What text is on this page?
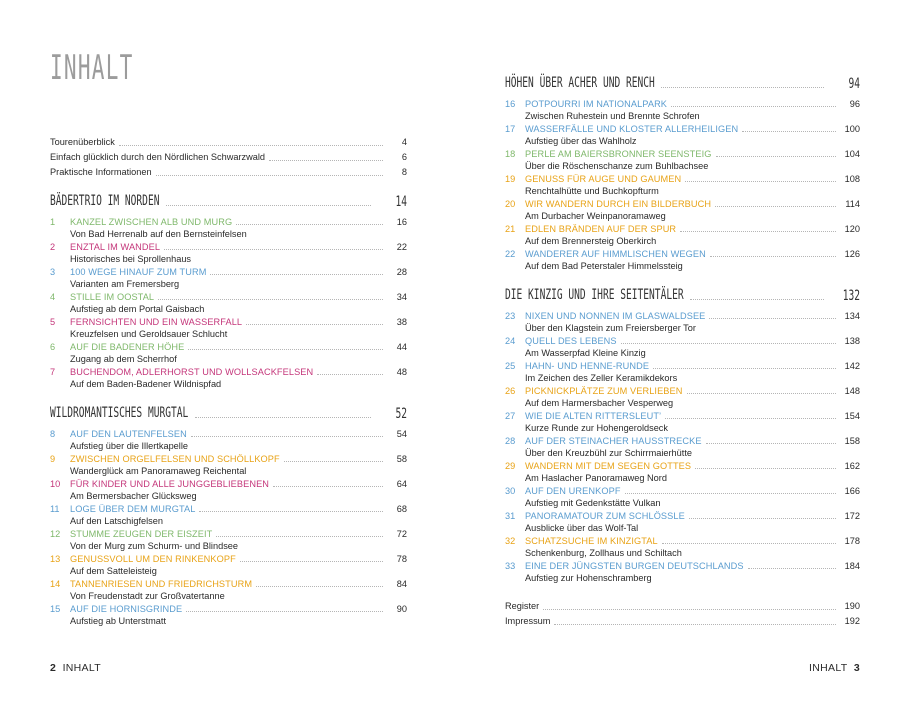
INHALT
Tourenüberblick	4
Einfach glücklich durch den Nördlichen Schwarzwald	6
Praktische Informationen	8
BÄDERTRIO IM NORDEN	14
1	KANZEL ZWISCHEN ALB UND MURG	16
Von Bad Herrenalb auf den Bernsteinfelsen
2	ENZTAL IM WANDEL	22
Historisches bei Sprollenhaus
3	100 WEGE HINAUF ZUM TURM	28
Varianten am Fremersberg
4	STILLE IM OOSTAL	34
Aufstieg ab dem Portal Gaisbach
5	FERNSICHTEN UND EIN WASSERFALL	38
Kreuzfelsen und Geroldsauer Schlucht
6	AUF DIE BADENER HÖHE	44
Zugang ab dem Scherrhof
7	BUCHENDOM, ADLERHORST UND WOLLSACKFELSEN	48
Auf dem Baden-Badener Wildnispfad
WILDROMANTISCHES MURGTAL	52
8	AUF DEN LAUTENFELSEN	54
Aufstieg über die Illertkapelle
9	ZWISCHEN ORGELFELSEN UND SCHÖLLKOPF	58
Wanderglück am Panoramaweg Reichental
10	FÜR KINDER UND ALLE JUNGGEBLIEBENEN	64
Am Bermersbacher Glücksweg
11	LOGE ÜBER DEM MURGTAL	68
Auf den Latschigfelsen
12	STUMME ZEUGEN DER EISZEIT	72
Von der Murg zum Schurm- und Blindsee
13	GENUSSVOLL UM DEN RINKENKOPF	78
Auf dem Satteleisteig
14	TANNENRIESEN UND FRIEDRICHSTURM	84
Von Freudenstadt zur Großvatertanne
15	AUF DIE HORNISGRINDE	90
Aufstieg ab Unterstmatt
2 INHALT
HÖHEN ÜBER ACHER UND RENCH	94
16	POTPOURRI IM NATIONALPARK	96
Zwischen Ruhestein und Brennte Schrofen
17	WASSERFÄLLE UND KLOSTER ALLERHEILIGEN	100
Aufstieg über das Wahlholz
18	PERLE AM BAIERSBRONNER SEENSTEIG	104
Über die Röschenschanze zum Buhlbachsee
19	GENUSS FÜR AUGE UND GAUMEN	108
Renchtalhütte und Buchkopfturm
20	WIR WANDERN DURCH EIN BILDERBUCH	114
Am Durbacher Weinpanoramaweg
21	EDLEN BRÄNDEN AUF DER SPUR	120
Auf dem Brennersteig Oberkirch
22	WANDERER AUF HIMMLISCHEN WEGEN	126
Auf dem Bad Peterstaler Himmelssteig
DIE KINZIG UND IHRE SEITENTÄLER	132
23	NIXEN UND NONNEN IM GLASWALDSEE	134
Über den Klagstein zum Freiersberger Tor
24	QUELL DES LEBENS	138
Am Wasserpfad Kleine Kinzig
25	HAHN- UND HENNE-RUNDE	142
Im Zeichen des Zeller Keramikdekors
26	PICKNICKPLÄTZE ZUM VERLIEBEN	148
Auf dem Harmersbacher Vesperweg
27	WIE DIE ALTEN RITTERSLEUT’	154
Kurze Runde zur Hohengeroldseck
28	AUF DER STEINACHER HAUSSTRECKE	158
Über den Kreuzbühl zur Schirrmaierhütte
29	WANDERN MIT DEM SEGEN GOTTES	162
Am Haslacher Panoramaweg Nord
30	AUF DEN URENKOPF	166
Aufstieg mit Gedenkstätte Vulkan
31	PANORAMATOUR ZUM SCHLÖSSLE	172
Ausblicke über das Wolf-Tal
32	SCHATZSUCHE IM KINZIGTAL	178
Schenkenburg, Zollhaus und Schiltach
33	EINE DER JÜNGSTEN BURGEN DEUTSCHLANDS	184
Aufstieg zur Hohenschramberg
Register	190
Impressum	192
INHALT 3
